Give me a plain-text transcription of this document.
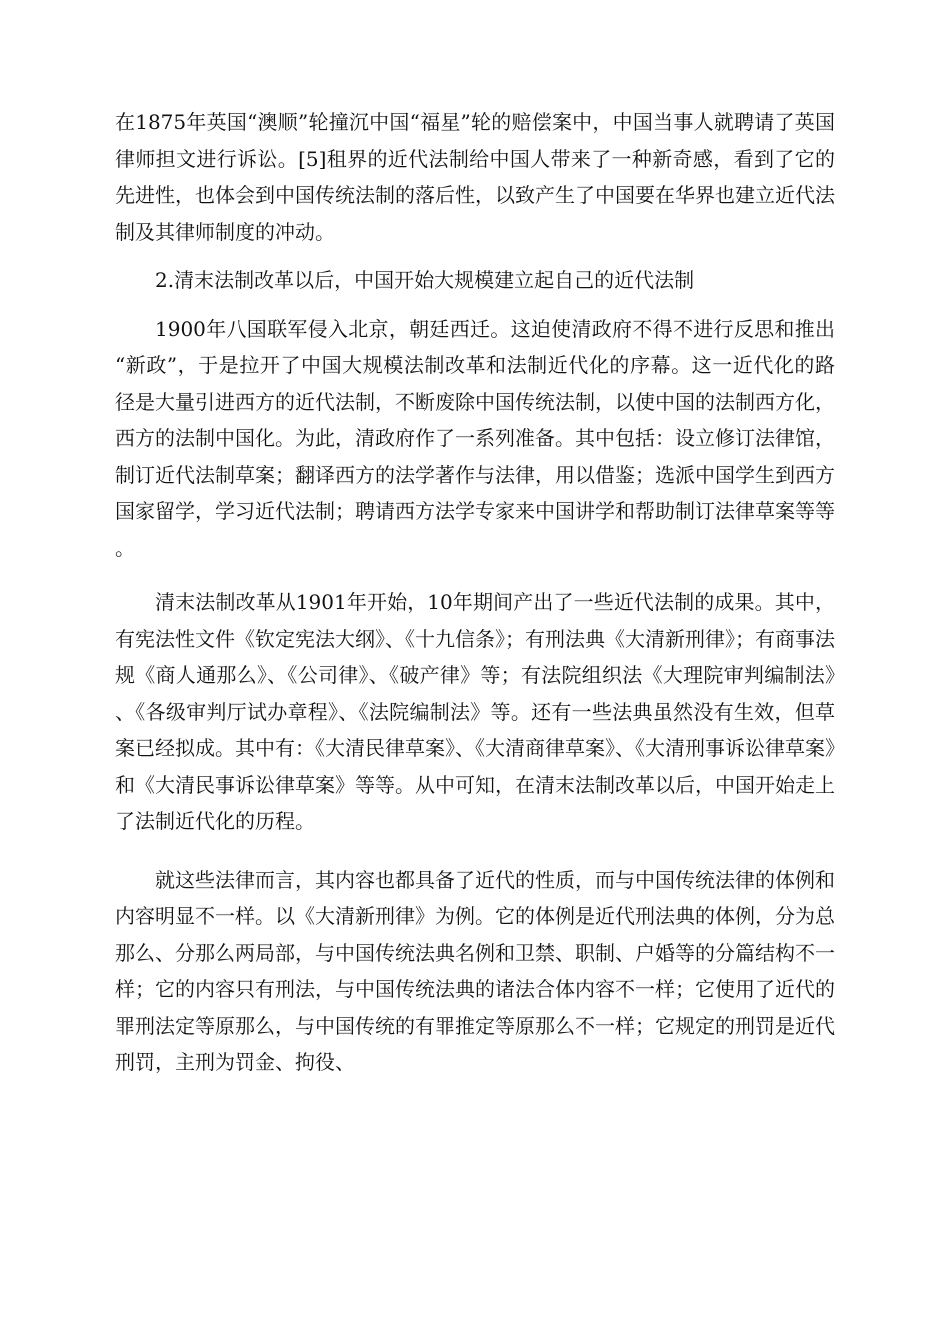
在1875年英国“澳顺”轮撞沉中国“福星”轮的赔偿案中，中国当事人就聘请了英国律师担文进行诉讼。[5]租界的近代法制给中国人带来了一种新奇感，看到了它的先进性，也体会到中国传统法制的落后性，以致产生了中国要在华界也建立近代法制及其律师制度的冲动。

2.清末法制改革以后，中国开始大规模建立起自己的近代法制

1900年八国联军侵入北京，朝廷西迁。这迫使清政府不得不进行反思和推出“新政”，于是拉开了中国大规模法制改革和法制近代化的序幕。这一近代化的路径是大量引进西方的近代法制，不断废除中国传统法制，以使中国的法制西方化，西方的法制中国化。为此，清政府作了一系列准备。其中包括：设立修订法律馆，制订近代法制草案；翻译西方的法学著作与法律，用以借鉴；选派中国学生到西方国家留学，学习近代法制；聘请西方法学专家来中国讲学和帮助制订法律草案等等。

清末法制改革从1901年开始，10年期间产出了一些近代法制的成果。其中，有宪法性文件《钦定宪法大纲》、《十九信条》；有刑法典《大清新刑律》；有商事法规《商人通那么》、《公司律》、《破产律》等；有法院组织法《大理院审判编制法》、《各级审判厅试办章程》、《法院编制法》等。还有一些法典虽然没有生效，但草案已经拟成。其中有：《大清民律草案》、《大清商律草案》、《大清刑事诉讼律草案》和《大清民事诉讼律草案》等等。从中可知，在清末法制改革以后，中国开始走上了法制近代化的历程。

就这些法律而言，其内容也都具备了近代的性质，而与中国传统法律的体例和内容明显不一样。以《大清新刑律》为例。它的体例是近代刑法典的体例，分为总那么、分那么两局部，与中国传统法典名例和卫禁、职制、户婚等的分篇结构不一样；它的内容只有刑法，与中国传统法典的诸法合体内容不一样；它使用了近代的罪刑法定等原那么，与中国传统的有罪推定等原那么不一样；它规定的刑罚是近代刑罚，主刑为罚金、拘役、
